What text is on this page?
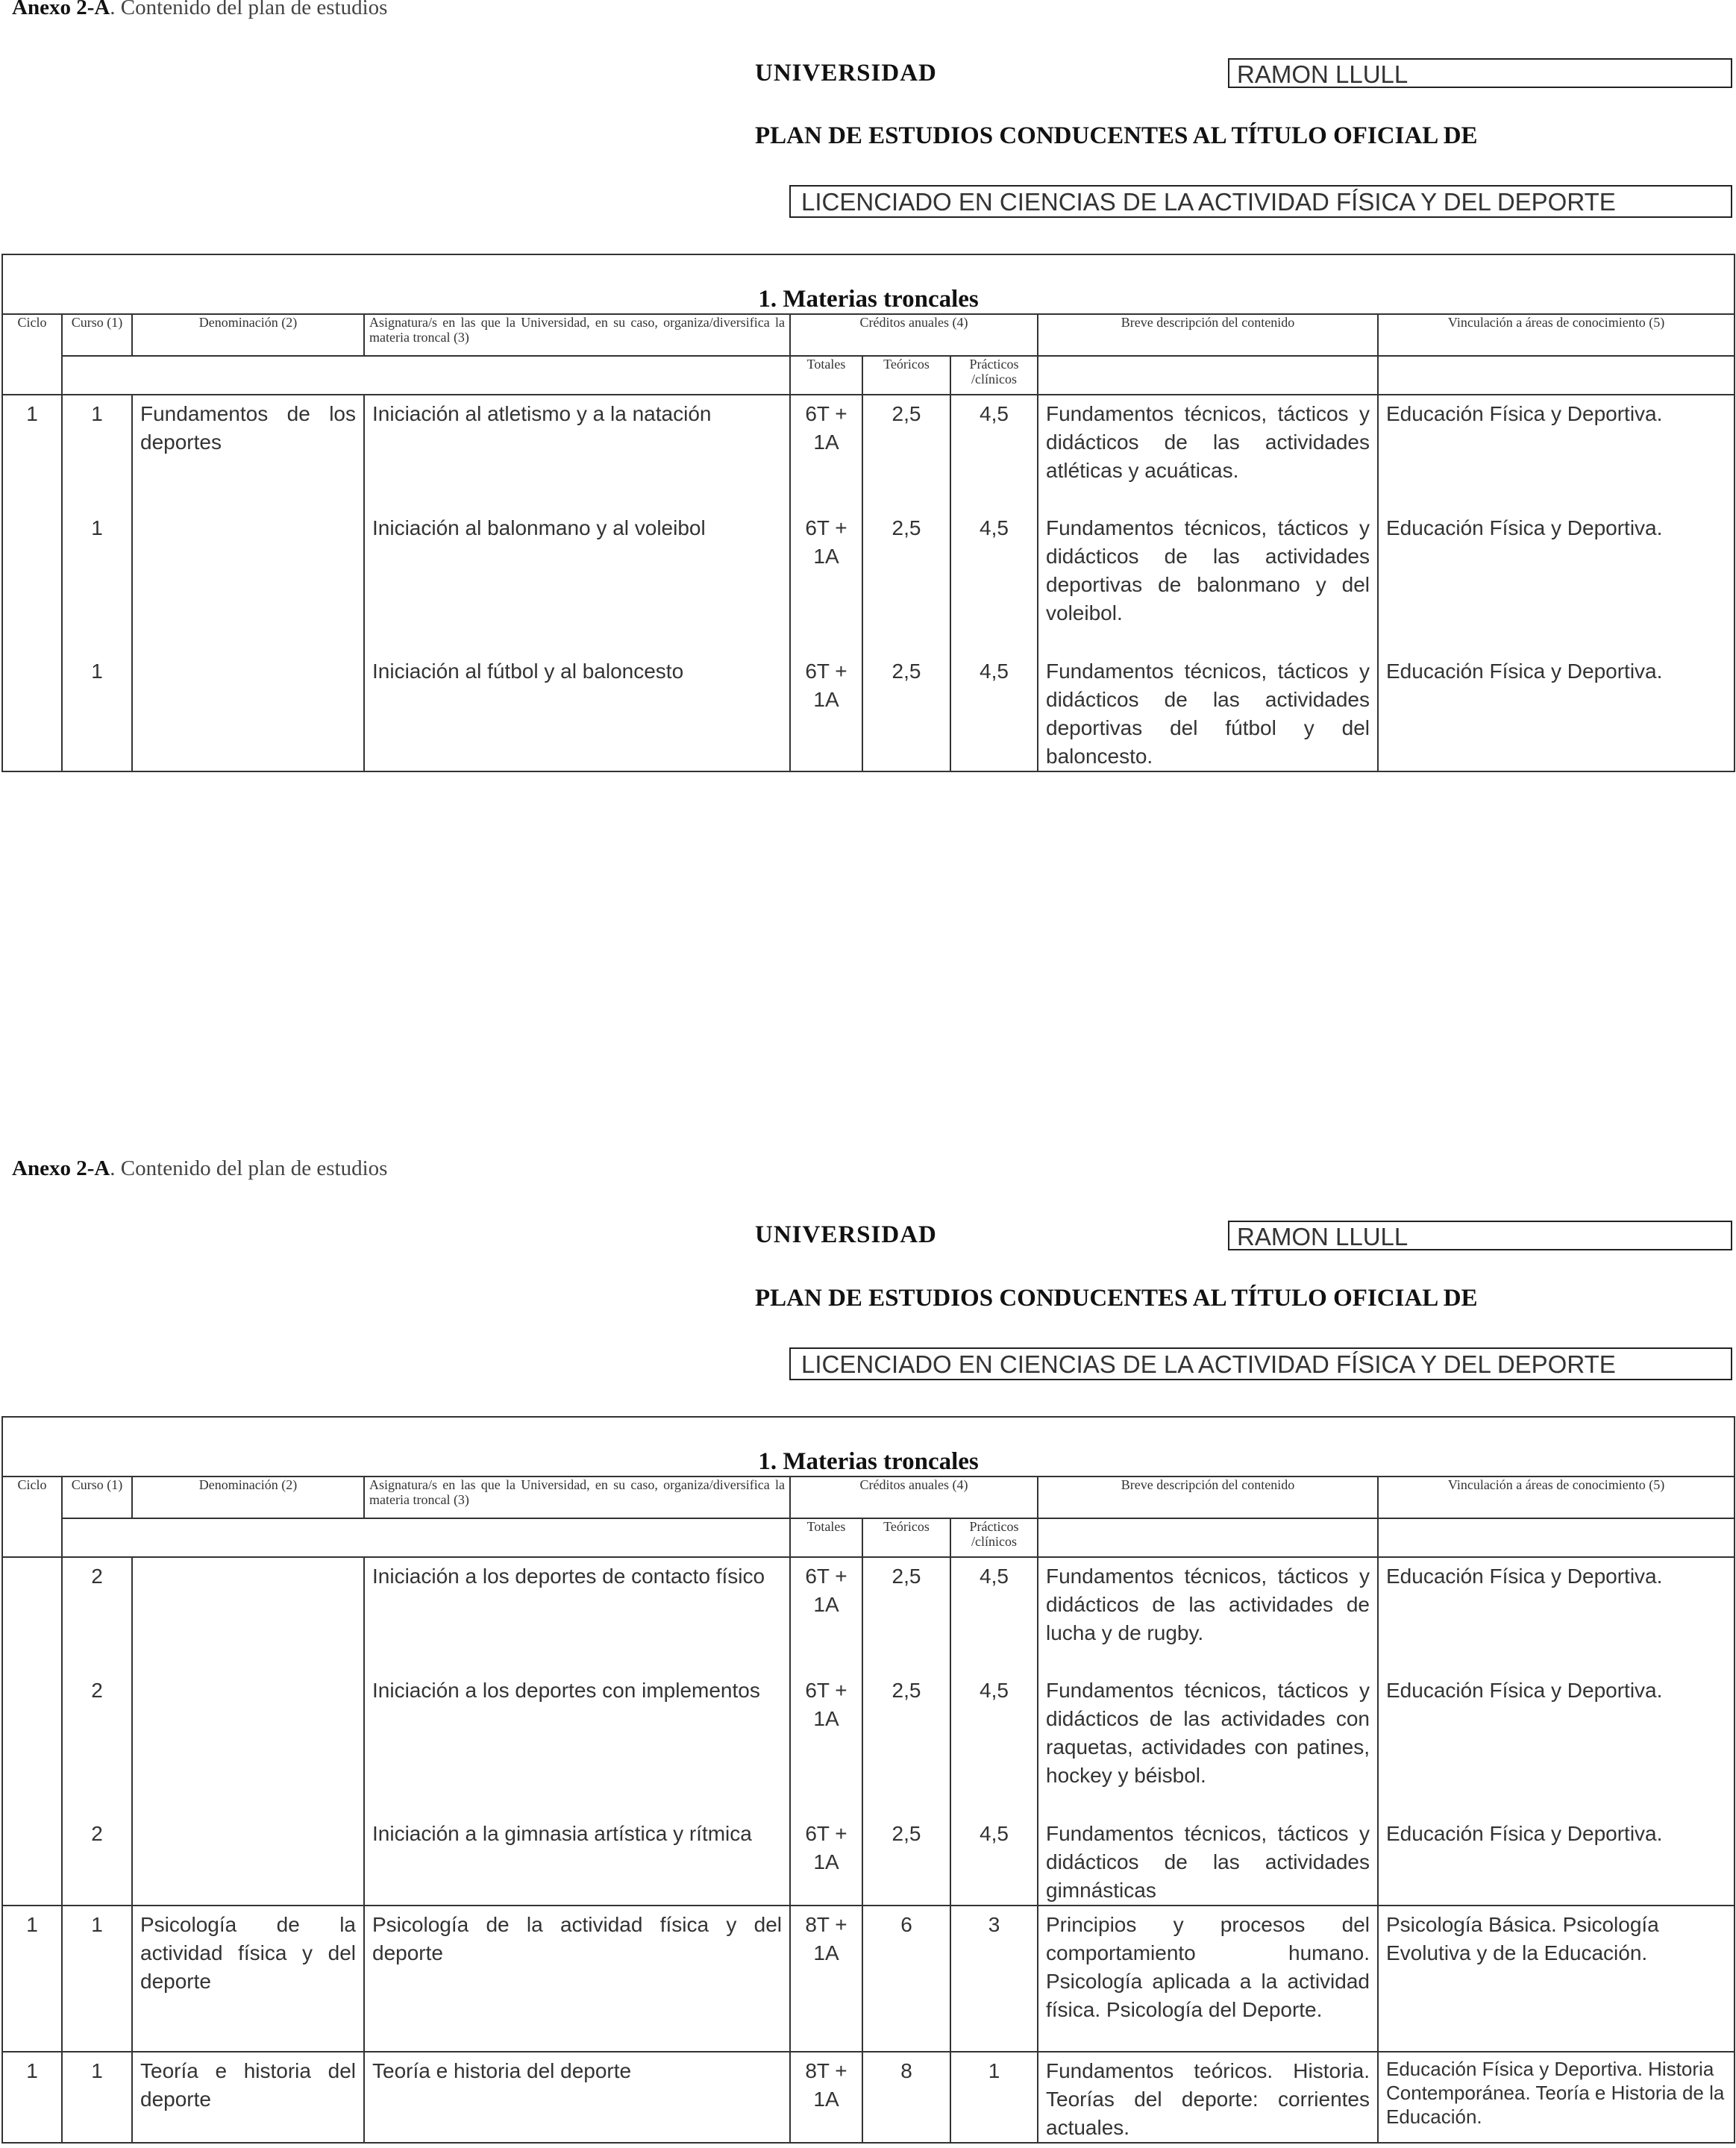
Anexo 2-A. Contenido del plan de estudios
UNIVERSIDAD	RAMON LLULL
PLAN DE ESTUDIOS CONDUCENTES AL TÍTULO OFICIAL DE
LICENCIADO EN CIENCIAS DE LA ACTIVIDAD FÍSICA Y DEL DEPORTE
1. Materias troncales								
Ciclo	Curso (1)	Denominación (2)	Asignatura/s en las que la Universidad, en su caso, organiza/diversifica la materia troncal (3)	Créditos anuales (4)			Breve descripción del contenido	Vinculación a áreas de conocimiento (5)
				Totales	Teóricos	Prácticos /clínicos		
1	1	Fundamentos de los deportes	Iniciación al atletismo y a la natación	6T + 1A	2,5	4,5	Fundamentos técnicos, tácticos y didácticos de las actividades atléticas y acuáticas.	Educación Física y Deportiva.
	1		Iniciación al balonmano y al voleibol	6T + 1A	2,5	4,5	Fundamentos técnicos, tácticos y didácticos de las actividades deportivas de balonmano y del voleibol.	Educación Física y Deportiva.
	1		Iniciación al fútbol y al baloncesto	6T + 1A	2,5	4,5	Fundamentos técnicos, tácticos y didácticos de las actividades deportivas del fútbol y del baloncesto.	Educación Física y Deportiva.
Anexo 2-A. Contenido del plan de estudios
UNIVERSIDAD	RAMON LLULL
PLAN DE ESTUDIOS CONDUCENTES AL TÍTULO OFICIAL DE
LICENCIADO EN CIENCIAS DE LA ACTIVIDAD FÍSICA Y DEL DEPORTE
1. Materias troncales								
Ciclo	Curso (1)	Denominación (2)	Asignatura/s en las que la Universidad, en su caso, organiza/diversifica la materia troncal (3)	Créditos anuales (4)			Breve descripción del contenido	Vinculación a áreas de conocimiento (5)
				Totales	Teóricos	Prácticos /clínicos		
	2		Iniciación a los deportes de contacto físico	6T + 1A	2,5	4,5	Fundamentos técnicos, tácticos y didácticos de las actividades de lucha y de rugby.	Educación Física y Deportiva.
	2		Iniciación a los deportes con implementos	6T + 1A	2,5	4,5	Fundamentos técnicos, tácticos y didácticos de las actividades con raquetas, actividades con patines, hockey y béisbol.	Educación Física y Deportiva.
	2		Iniciación a la gimnasia artística y rítmica	6T + 1A	2,5	4,5	Fundamentos técnicos, tácticos y didácticos de las actividades gimnásticas	Educación Física y Deportiva.
1	1	Psicología de la actividad física y del deporte	Psicología de la actividad física y del deporte	8T + 1A	6	3	Principios y procesos del comportamiento humano. Psicología aplicada a la actividad física. Psicología del Deporte.	Psicología Básica. Psicología Evolutiva y de la Educación.
1	1	Teoría e historia del deporte	Teoría e historia del deporte	8T + 1A	8	1	Fundamentos teóricos. Historia. Teorías del deporte: corrientes actuales.	Educación Física y Deportiva. Historia Contemporánea. Teoría e Historia de la Educación.
